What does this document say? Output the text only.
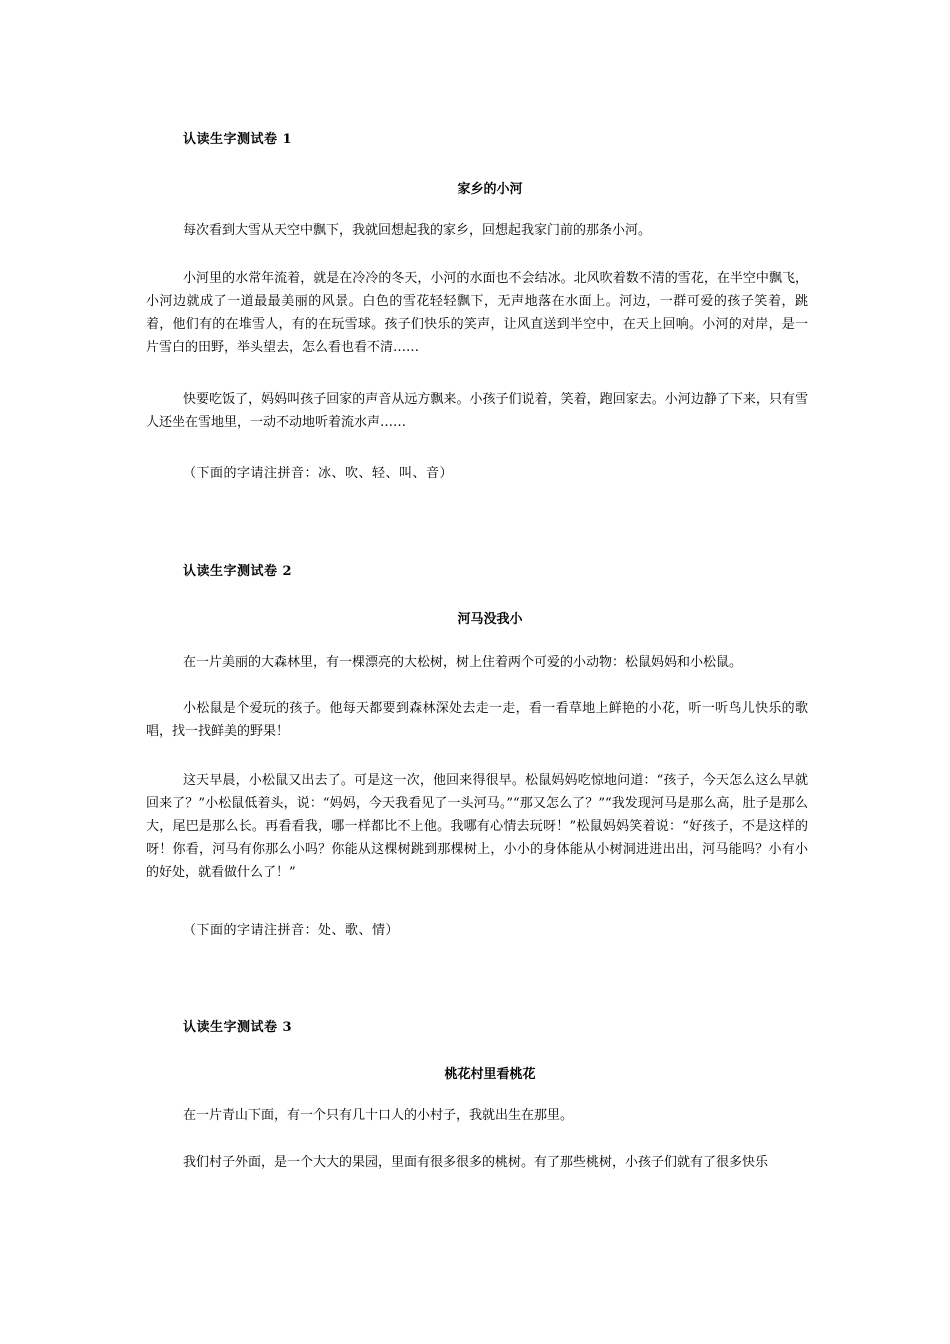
认读生字测试卷 1
家乡的小河

每次看到大雪从天空中飘下，我就回想起我的家乡，回想起我家门前的那条小河。

小河里的水常年流着，就是在冷冷的冬天，小河的水面也不会结冰。北风吹着数不清的雪花，在半空中飘飞，小河边就成了一道最最美丽的风景。白色的雪花轻轻飘下，无声地落在水面上。河边，一群可爱的孩子笑着，跳着，他们有的在堆雪人，有的在玩雪球。孩子们快乐的笑声，让风直送到半空中，在天上回响。小河的对岸，是一片雪白的田野，举头望去，怎么看也看不清……

快要吃饭了，妈妈叫孩子回家的声音从远方飘来。小孩子们说着，笑着，跑回家去。小河边静了下来，只有雪人还坐在雪地里，一动不动地听着流水声……

（下面的字请注拼音：冰、吹、轻、叫、音）
认读生字测试卷 2
河马没我小

在一片美丽的大森林里，有一棵漂亮的大松树，树上住着两个可爱的小动物：松鼠妈妈和小松鼠。

小松鼠是个爱玩的孩子。他每天都要到森林深处去走一走，看一看草地上鲜艳的小花，听一听鸟儿快乐的歌唱，找一找鲜美的野果！

这天早晨，小松鼠又出去了。可是这一次，他回来得很早。松鼠妈妈吃惊地问道：“孩子，今天怎么这么早就回来了？”小松鼠低着头，说：“妈妈，今天我看见了一头河马。”“那又怎么了？”“我发现河马是那么高，肚子是那么大，尾巴是那么长。再看看我，哪一样都比不上他。我哪有心情去玩呀！”松鼠妈妈笑着说：“好孩子，不是这样的呀！你看，河马有你那么小吗？你能从这棵树跳到那棵树上，小小的身体能从小树洞进进出出，河马能吗？小有小的好处，就看做什么了！”

（下面的字请注拼音：处、歌、情）
认读生字测试卷 3
桃花村里看桃花

在一片青山下面，有一个只有几十口人的小村子，我就出生在那里。

我们村子外面，是一个大大的果园，里面有很多很多的桃树。有了那些桃树，小孩子们就有了很多快乐
